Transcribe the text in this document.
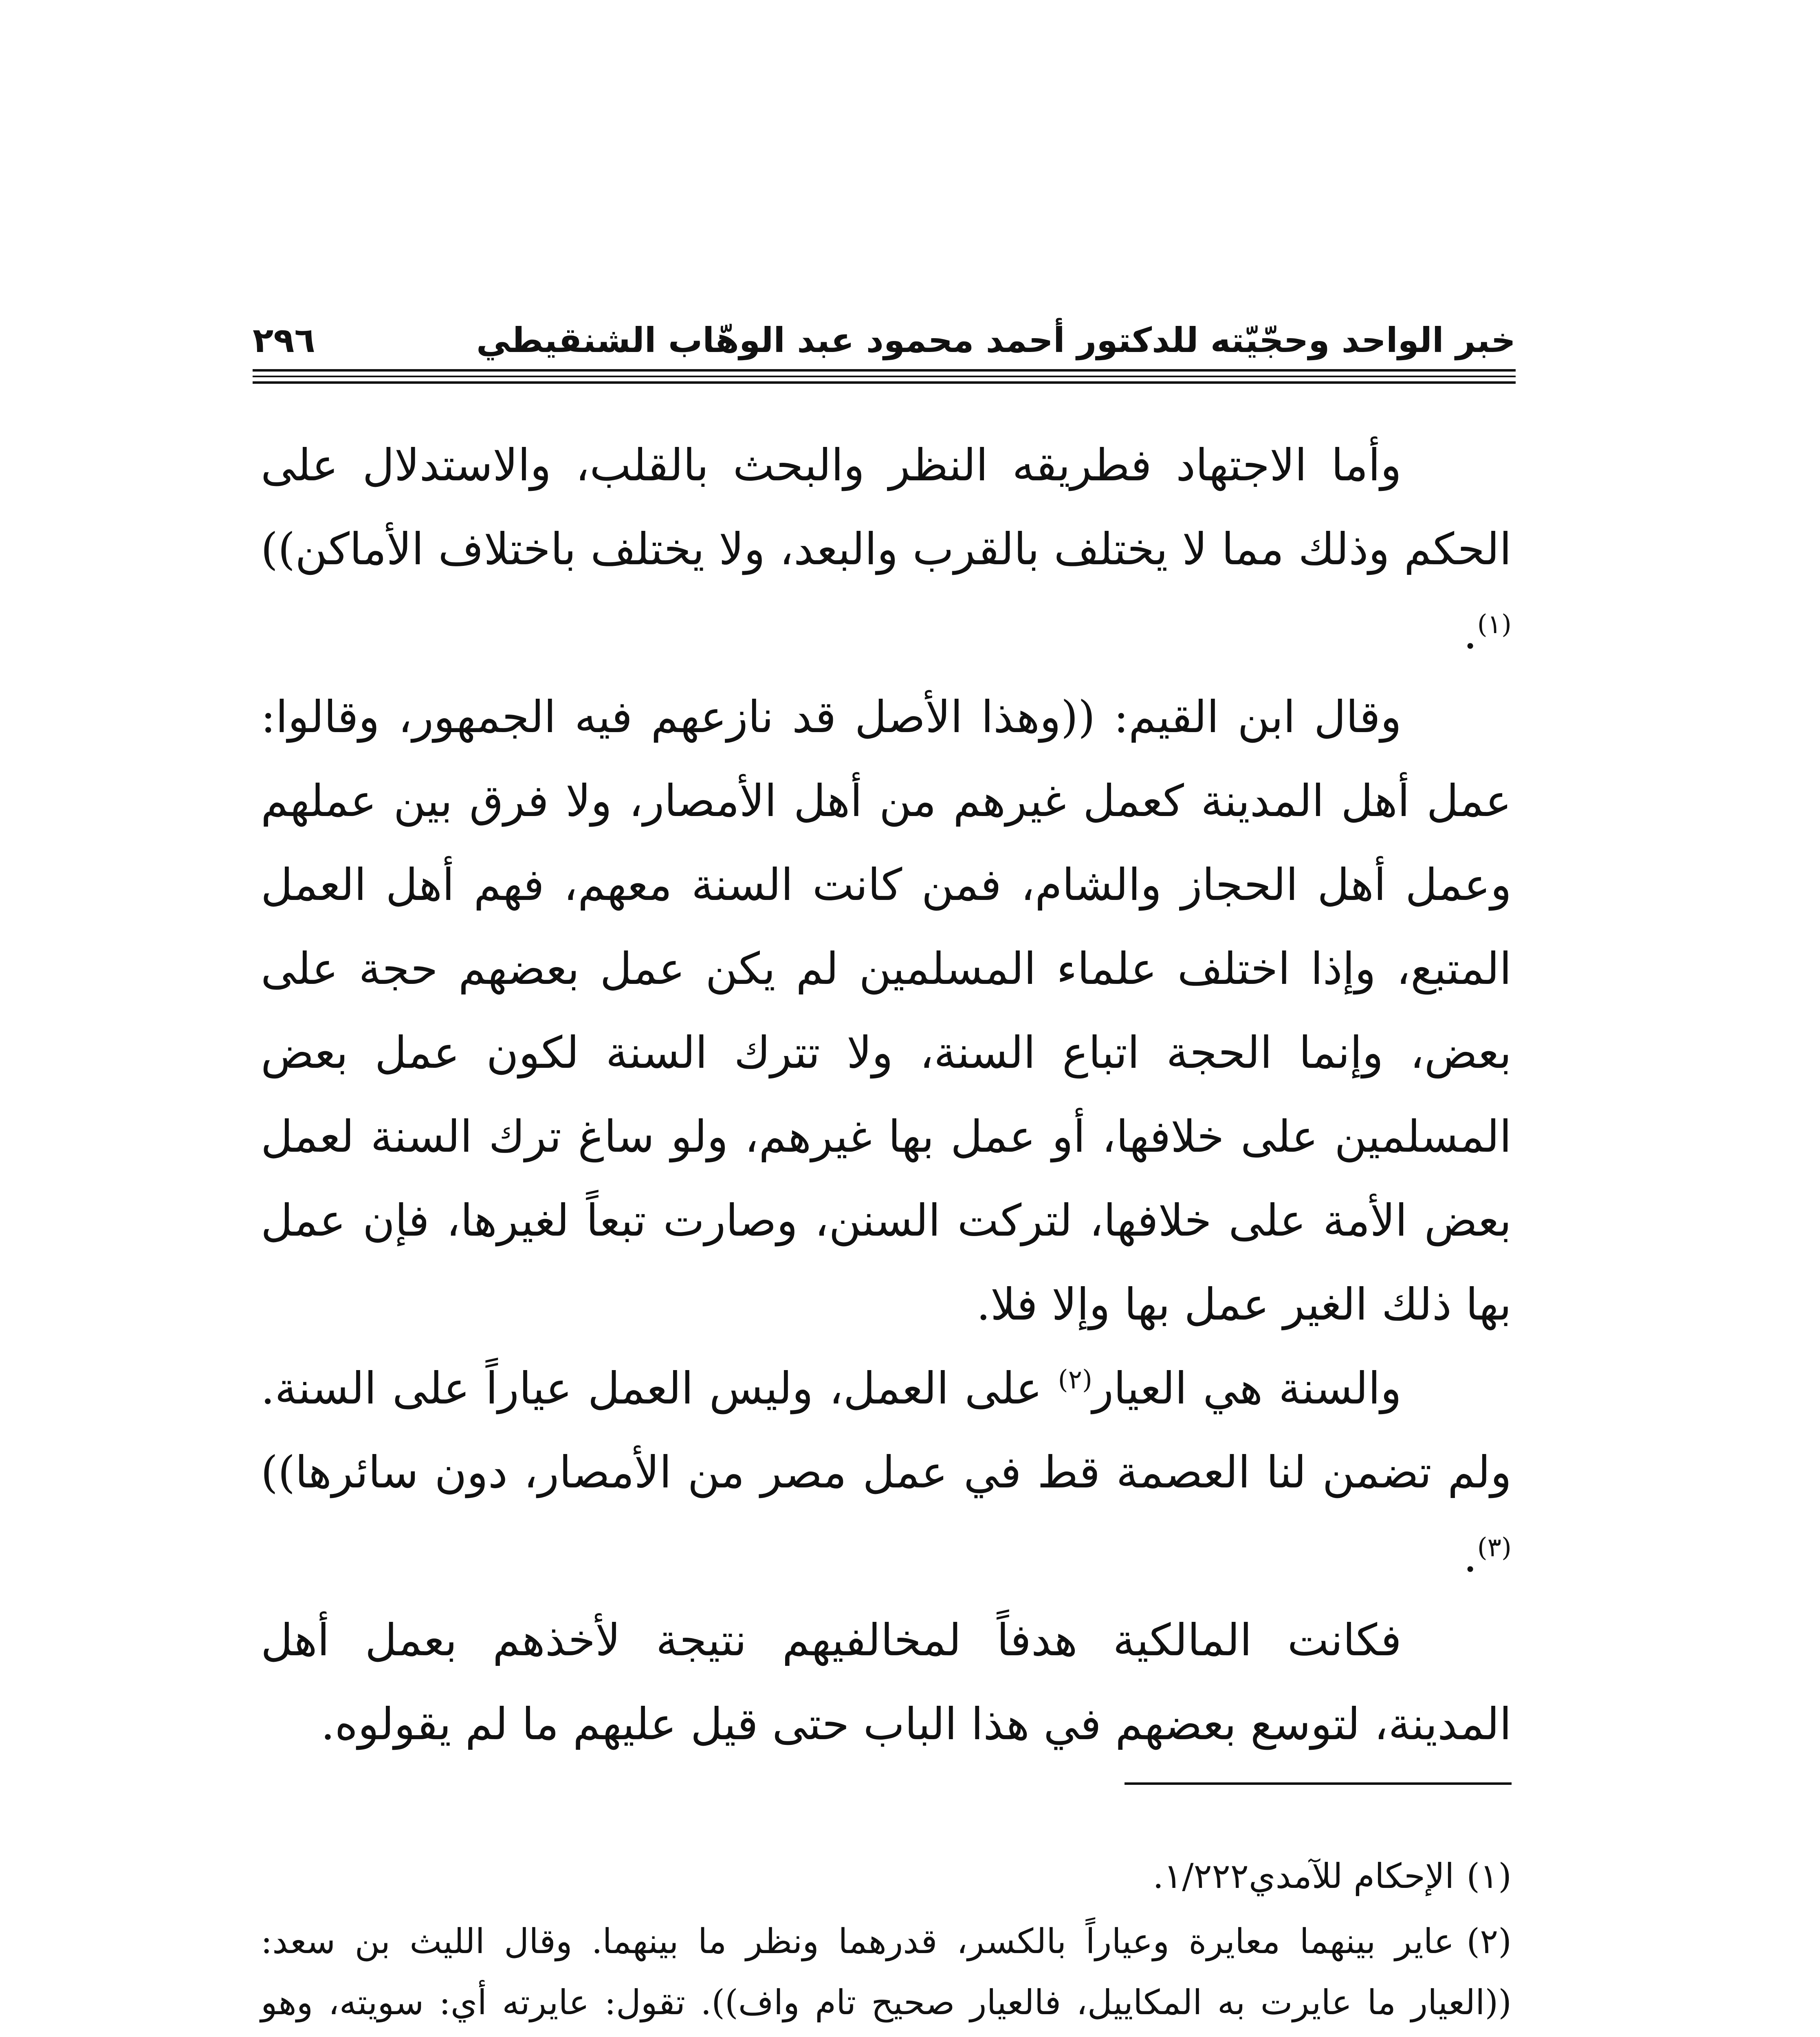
خبر الواحد وحجّيّته للدكتور أحمد محمود عبد الوهّاب الشنقيطي
٢٩٦

وأما الاجتهاد فطريقه النظر والبحث بالقلب، والاستدلال على الحكم وذلك مما لا يختلف بالقرب والبعد، ولا يختلف باختلاف الأماكن))$^{(١)}$.

وقال ابن القيم: ((وهذا الأصل قد نازعهم فيه الجمهور، وقالوا: عمل أهل المدينة كعمل غيرهم من أهل الأمصار، ولا فرق بين عملهم وعمل أهل الحجاز والشام، فمن كانت السنة معهم، فهم أهل العمل المتبع، وإذا اختلف علماء المسلمين لم يكن عمل بعضهم حجة على بعض، وإنما الحجة اتباع السنة، ولا تترك السنة لكون عمل بعض المسلمين على خلافها، أو عمل بها غيرهم، ولو ساغ ترك السنة لعمل بعض الأمة على خلافها، لتركت السنن، وصارت تبعاً لغيرها، فإن عمل بها ذلك الغير عمل بها وإلا فلا.

والسنة هي العيار$^{(٢)}$ على العمل، وليس العمل عياراً على السنة. ولم تضمن لنا العصمة قط في عمل مصر من الأمصار، دون سائرها))$^{(٣)}$.

فكانت المالكية هدفاً لمخالفيهم نتيجة لأخذهم بعمل أهل المدينة، لتوسع بعضهم في هذا الباب حتى قيل عليهم ما لم يقولوه.

(١)الإحكام للآمدي١/٢٢٢.

(٢)عاير بينهما معايرة وعياراً بالكسر، قدرهما ونظر ما بينهما. وقال الليث بن سعد: ((العيار ما عايرت به المكاييل، فالعيار صحيح تام واف)). تقول: عايرته أي: سويته، وهو
